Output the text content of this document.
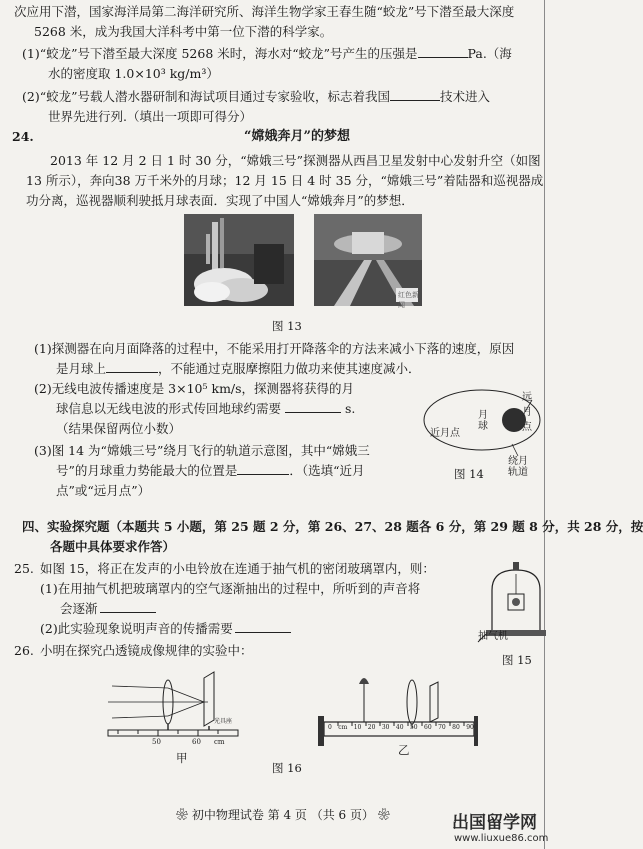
次应用下潜，国家海洋局第二海洋研究所、海洋生物学家王春生随“蛟龙”号下潜至最大深度
5268 米，成为我国大洋科考中第一位下潜的科学家。
(1)“蛟龙”号下潜至最大深度 5268 米时，海水对“蛟龙”号产生的压强是	Pa.（海
水的密度取 1.0×10³ kg/m³）
(2)“蛟龙”号载人潜水器研制和海试项目通过专家验收，标志着我国	技术进入
世界先进行列.（填出一项即可得分）
24.	“嫦娥奔月”的梦想
2013 年 12 月 2 日 1 时 30 分，“嫦娥三号”探测器从西昌卫星发射中心发射升空（如图
13 所示），奔向38 万千米外的月球；12 月 15 日 4 时 35 分，“嫦娥三号”着陆器和巡视器成
功分离，巡视器顺利驶抵月球表面．实现了中国人“嫦娥奔月”的梦想．
红色新闻
图 13
(1)探测器在向月面降落的过程中，不能采用打开降落伞的方法来减小下落的速度，原因
是月球上	，不能通过克服摩擦阻力做功来使其速度减小．
(2)无线电波传播速度是 3×10⁵ km/s，探测器将获得的月
球信息以无线电波的形式传回地球约需要	s.
（结果保留两位小数）
(3)图 14 为“嫦娥三号”绕月飞行的轨道示意图，其中“嫦娥三
号”的月球重力势能最大的位置是	．（选填“近月
点”或“远月点”）
远月点
近月点
月球
绕月轨道
图 14
四、实验探究题（本题共 5 小题，第 25 题 2 分，第 26、27、28 题各 6 分，第 29 题 8 分，共 28 分，按
各题中具体要求作答）
25. 如图 15，将正在发声的小电铃放在连通于抽气机的密闭玻璃罩内，则：
(1)在用抽气机把玻璃罩内的空气逐渐抽出的过程中，所听到的声音将
会逐渐
(2)此实验现象说明声音的传播需要
抽气机
图 15
26. 小明在探究凸透镜成像规律的实验中：
光具座
50	60 cm
甲
0 cm 10 20 30 40 50 60 70 80 90
乙
图 16
❀ 初中物理试卷 第 4 页 （共 6 页） ❀	出国留学网
www.liuxue86.com
